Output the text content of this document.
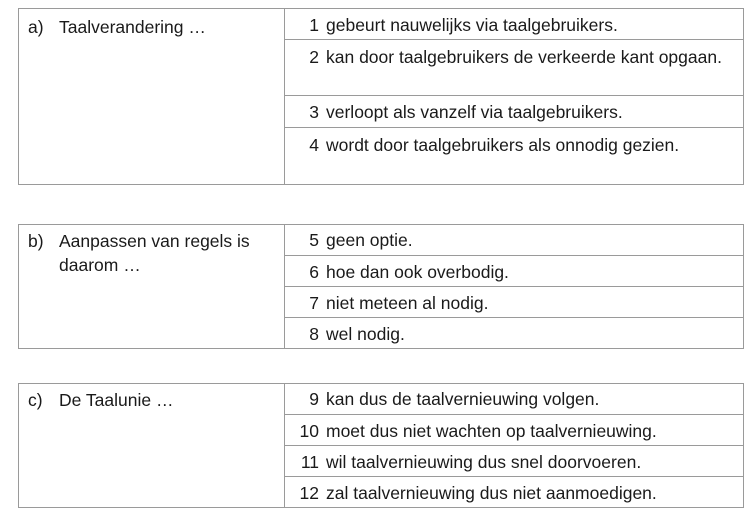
a) Taalverandering …	1 gebeurt nauwelijks via taalgebruikers.

2 kan door taalgebruikers de verkeerde kant opgaan.

3 verloopt als vanzelf via taalgebruikers.

4 wordt door taalgebruikers als onnodig gezien.
b) Aanpassen van regels is daarom …

5 geen optie.

6 hoe dan ook overbodig.

7 niet meteen al nodig.

8 wel nodig.
c) De Taalunie …	9 kan dus de taalvernieuwing volgen.

10 moet dus niet wachten op taalvernieuwing.

11 wil taalvernieuwing dus snel doorvoeren.

12 zal taalvernieuwing dus niet aanmoedigen.
